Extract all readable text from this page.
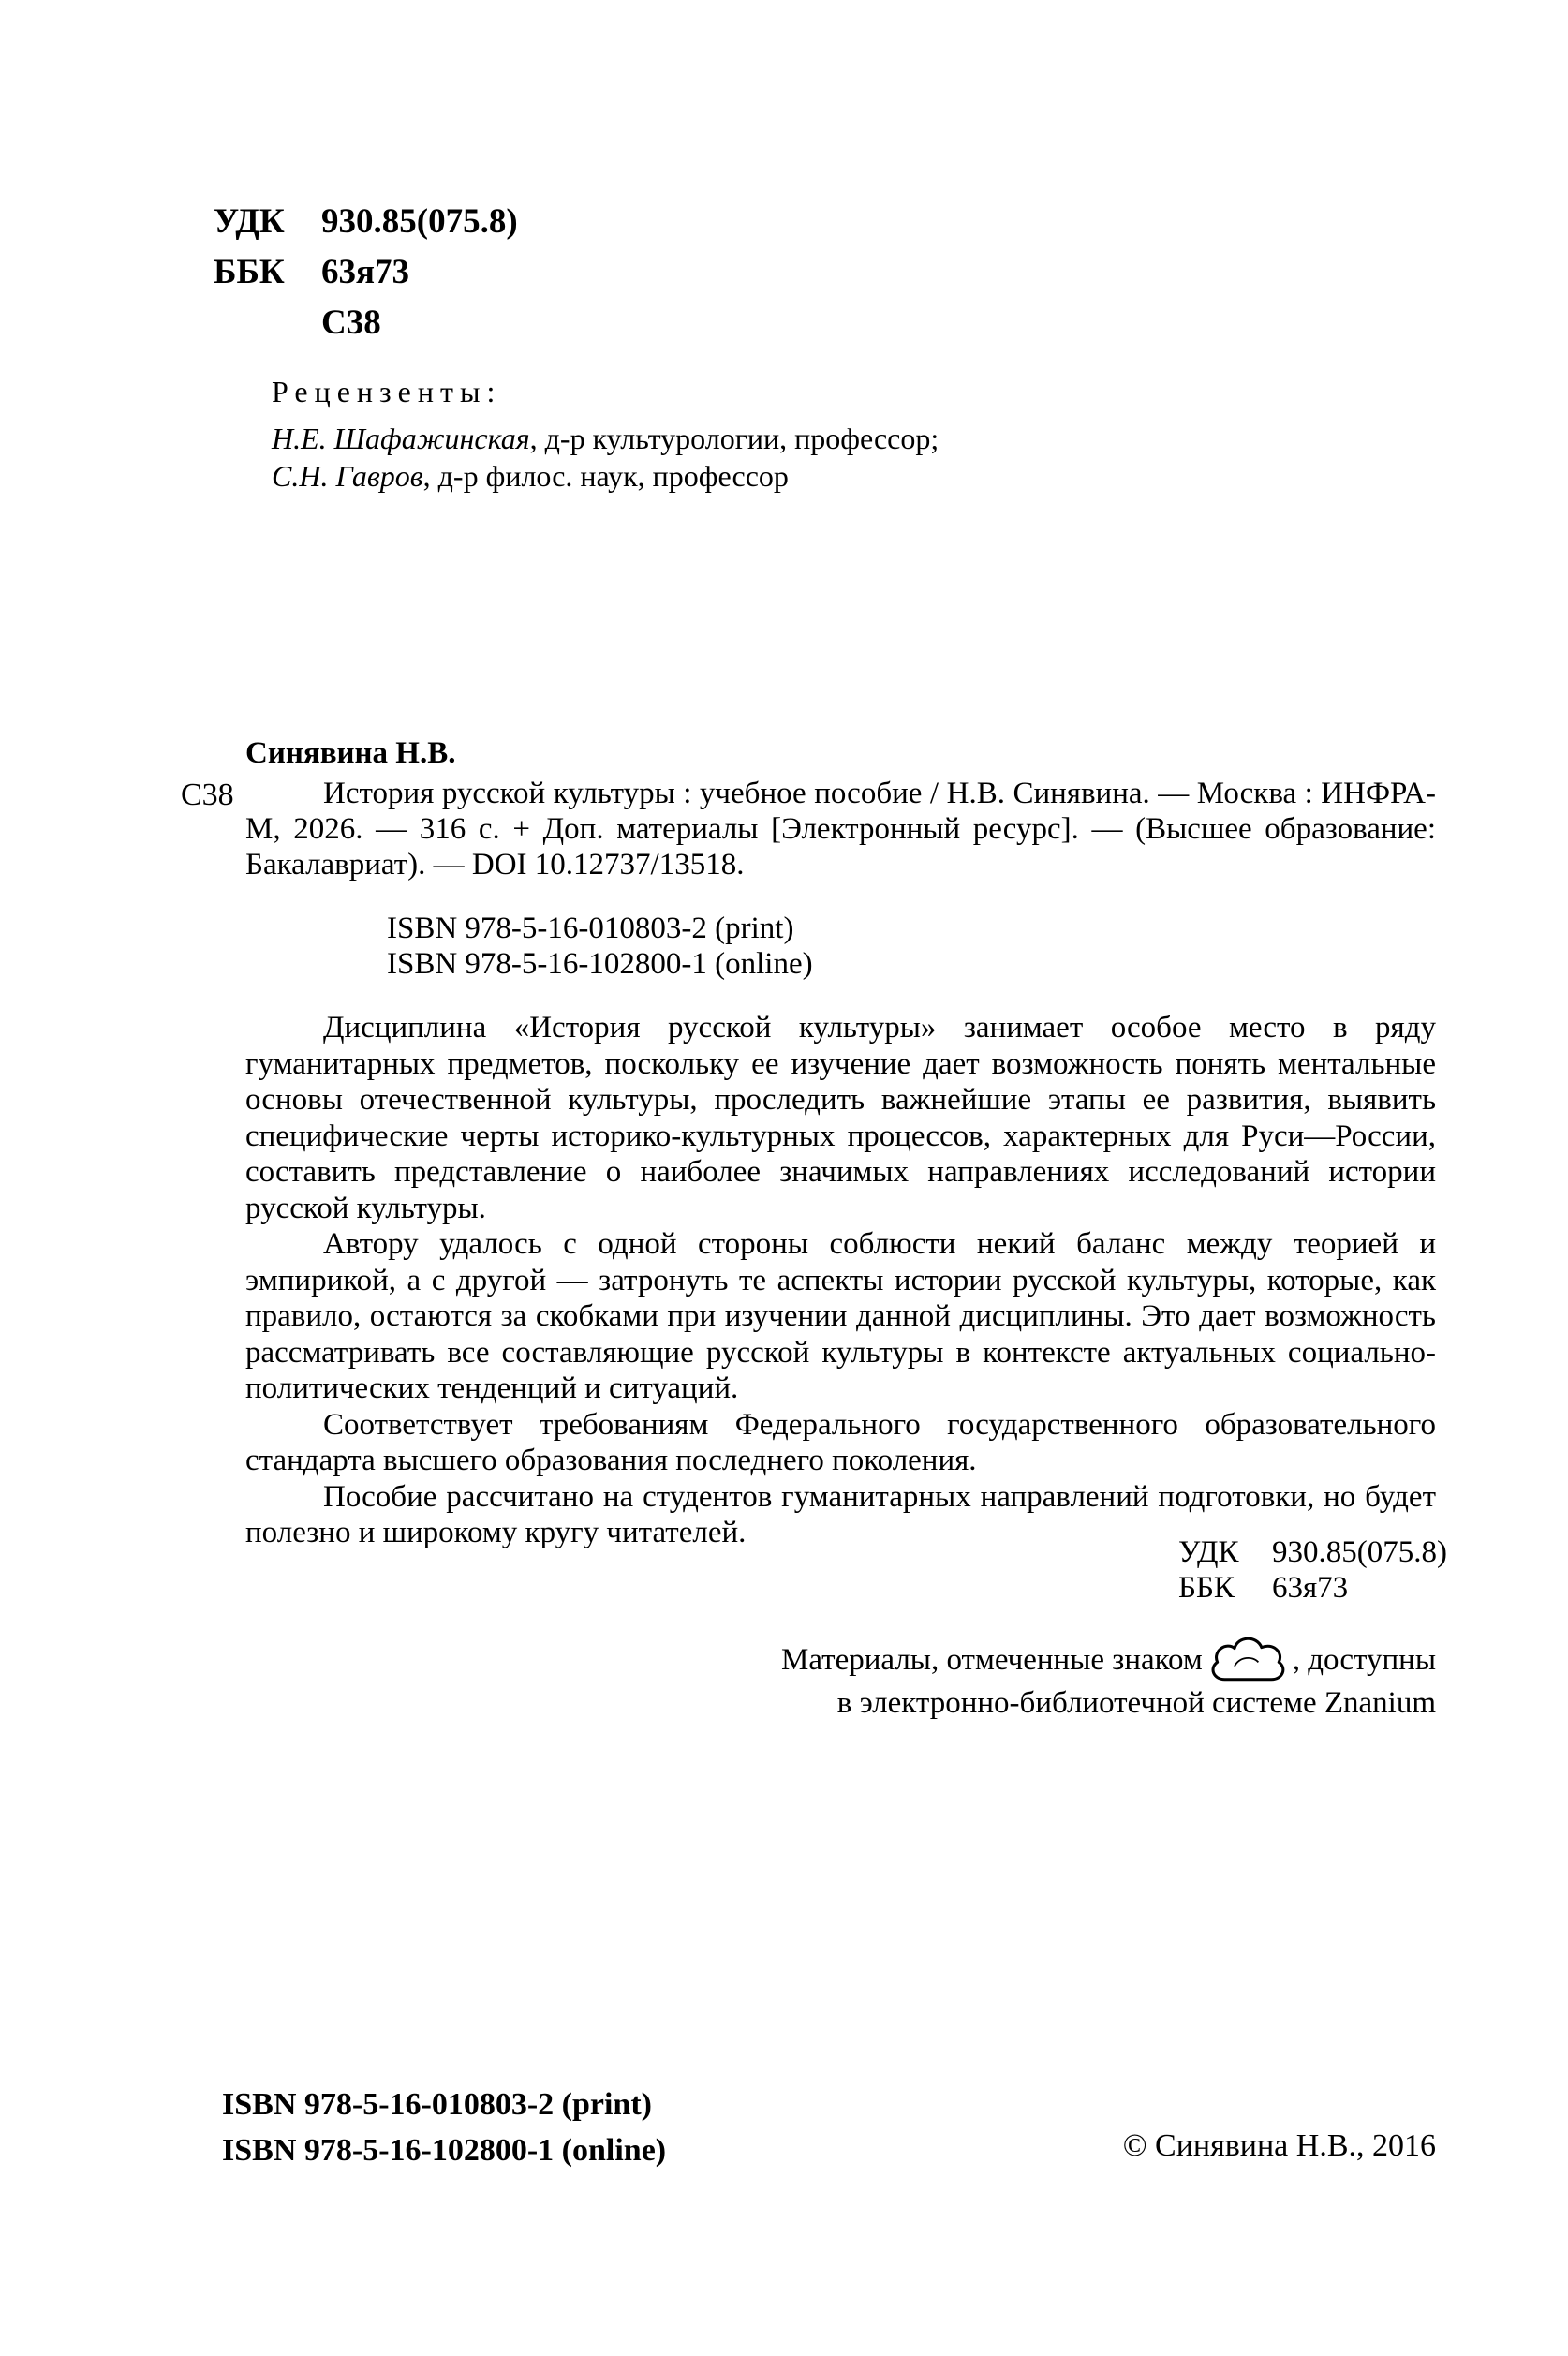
УДК	930.85(075.8)
ББК	63я73
С38
Рецензенты:
Н.Е. Шафажинская, д-р культурологии, профессор;
С.Н. Гавров, д-р филос. наук, профессор
Синявина Н.В.
С38	История русской культуры : учебное пособие / Н.В. Синявина. — Москва : ИНФРА-М, 2026. — 316 с. + Доп. материалы [Электронный ресурс]. — (Высшее образование: Бакалавриат). — DOI 10.12737/13518.
ISBN 978-5-16-010803-2 (print)
ISBN 978-5-16-102800-1 (online)

Дисциплина «История русской культуры» занимает особое место в ряду гуманитарных предметов, поскольку ее изучение дает возможность понять ментальные основы отечественной культуры, проследить важнейшие этапы ее развития, выявить специфические черты историко-культурных процессов, характерных для Руси—России, составить представление о наиболее значимых направлениях исследований истории русской культуры.

Автору удалось с одной стороны соблюсти некий баланс между теорией и эмпирикой, а с другой — затронуть те аспекты истории русской культуры, которые, как правило, остаются за скобками при изучении данной дисциплины. Это дает возможность рассматривать все составляющие русской культуры в контексте актуальных социально-политических тенденций и ситуаций.

Соответствует требованиям Федерального государственного образовательного стандарта высшего образования последнего поколения.

Пособие рассчитано на студентов гуманитарных направлений подготовки, но будет полезно и широкому кругу читателей.

УДК	930.85(075.8)
ББК	63я73
Материалы, отмеченные знаком	, доступны
в электронно-библиотечной системе Znanium
ISBN 978-5-16-010803-2 (print)
ISBN 978-5-16-102800-1 (online)	© Синявина Н.В., 2016
